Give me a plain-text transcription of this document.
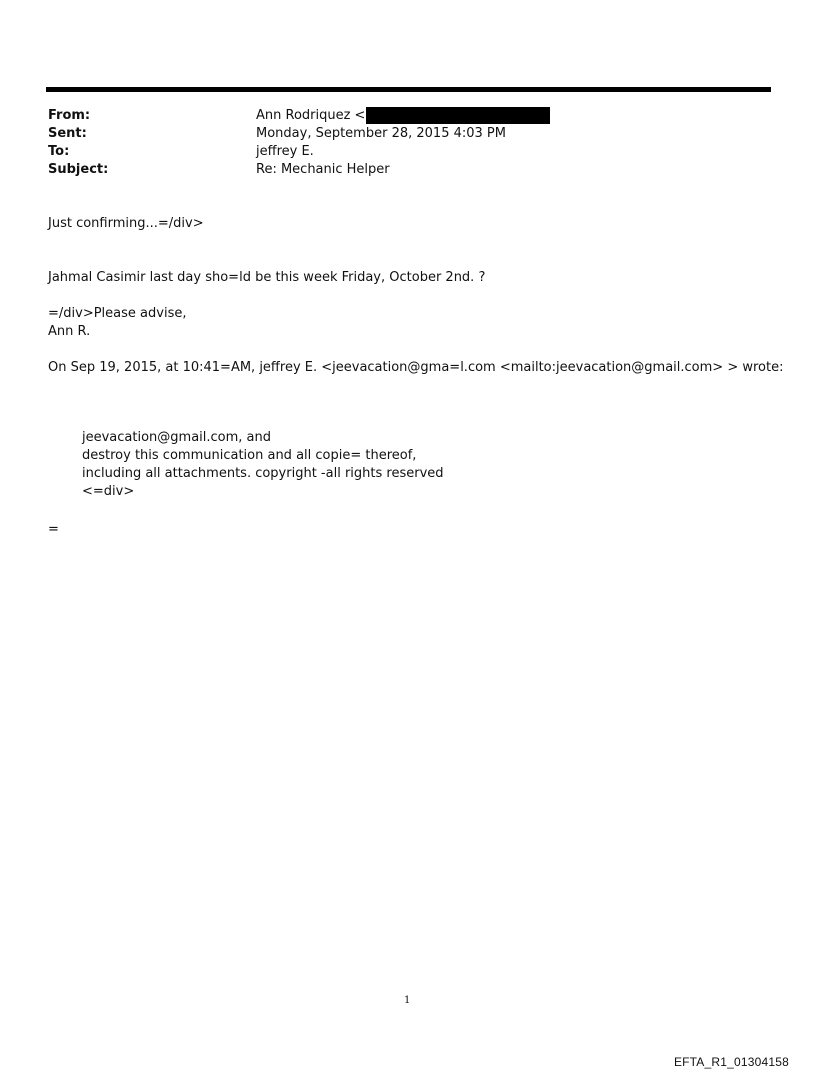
From:	Ann Rodriquez <
Sent:	Monday, September 28, 2015 4:03 PM
To:	jeffrey E.
Subject:	Re: Mechanic Helper
Just confirming...=/div>
Jahmal Casimir last day sho=ld be this week Friday, October 2nd. ?
=/div>Please advise,
Ann R.
On Sep 19, 2015, at 10:41=AM, jeffrey E. <jeevacation@gma=l.com <mailto:jeevacation@gmail.com> > wrote:
jeevacation@gmail.com, and
destroy this communication and all copie= thereof,
including all attachments. copyright -all rights reserved
<=div>
=
1
EFTA_R1_01304158
